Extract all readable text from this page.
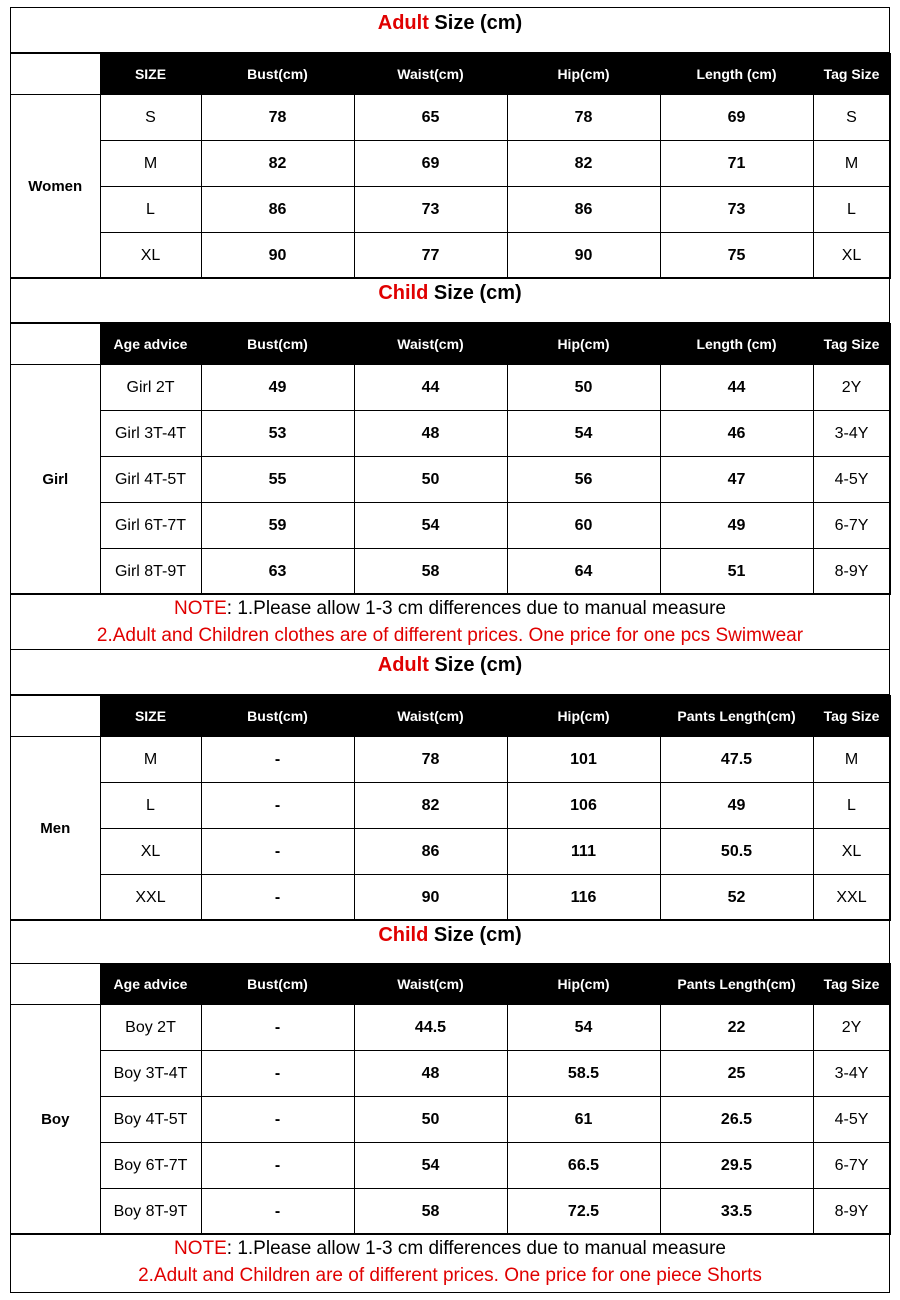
Adult Size (cm)
	SIZE	Bust(cm)	Waist(cm)	Hip(cm)	Length (cm)	Tag Size
Women	S	78	65	78	69	S
	M	82	69	82	71	M
	L	86	73	86	73	L
	XL	90	77	90	75	XL
Child Size (cm)
	Age advice	Bust(cm)	Waist(cm)	Hip(cm)	Length (cm)	Tag Size
Girl	Girl 2T	49	44	50	44	2Y
	Girl 3T-4T	53	48	54	46	3-4Y
	Girl 4T-5T	55	50	56	47	4-5Y
	Girl 6T-7T	59	54	60	49	6-7Y
	Girl 8T-9T	63	58	64	51	8-9Y
NOTE: 1.Please allow 1-3 cm differences due to manual measure
2.Adult and Children clothes are of different prices. One price for one pcs Swimwear
Adult Size (cm)
	SIZE	Bust(cm)	Waist(cm)	Hip(cm)	Pants Length(cm)	Tag Size
Men	M	-	78	101	47.5	M
	L	-	82	106	49	L
	XL	-	86	111	50.5	XL
	XXL	-	90	116	52	XXL
Child Size (cm)
	Age advice	Bust(cm)	Waist(cm)	Hip(cm)	Pants Length(cm)	Tag Size
Boy	Boy 2T	-	44.5	54	22	2Y
	Boy 3T-4T	-	48	58.5	25	3-4Y
	Boy 4T-5T	-	50	61	26.5	4-5Y
	Boy 6T-7T	-	54	66.5	29.5	6-7Y
	Boy 8T-9T	-	58	72.5	33.5	8-9Y
NOTE: 1.Please allow 1-3 cm differences due to manual measure
2.Adult and Children are of different prices. One price for one piece Shorts
